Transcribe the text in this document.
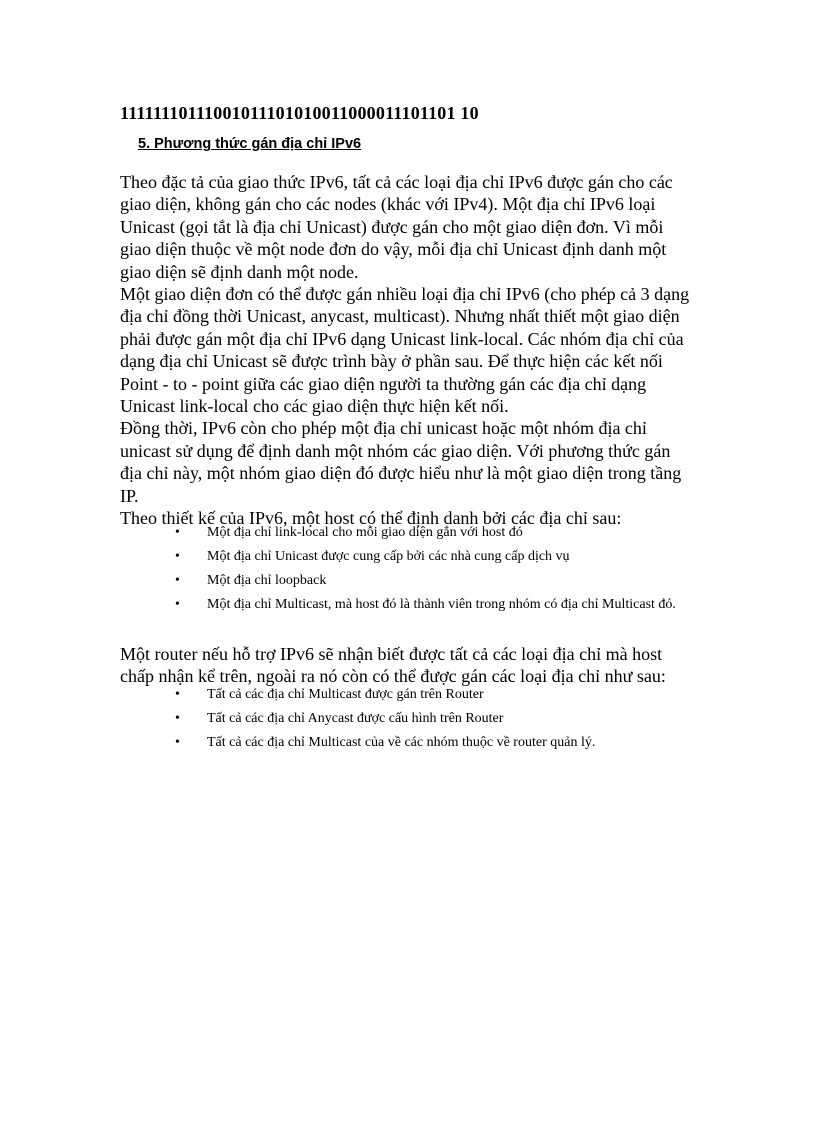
11111110111001011101010011000011101101 10
5. Phương thức gán địa chỉ IPv6

Theo đặc tả của giao thức IPv6, tất cả các loại địa chỉ IPv6 được gán cho các giao diện, không gán cho các nodes (khác với IPv4). Một địa chỉ IPv6 loại Unicast (gọi tắt là địa chỉ Unicast) được gán cho một giao diện đơn. Vì mỗi giao diện thuộc về một node đơn do vậy, mỗi địa chỉ Unicast định danh một giao diện sẽ định danh một node.

Một giao diện đơn có thể được gán nhiều loại địa chỉ IPv6 (cho phép cả 3 dạng địa chỉ đồng thời Unicast, anycast, multicast). Nhưng nhất thiết một giao diện phải được gán một địa chỉ IPv6 dạng Unicast link-local. Các nhóm địa chỉ của dạng địa chỉ Unicast sẽ được trình bày ở phần sau. Để thực hiện các kết nối Point - to - point giữa các giao diện người ta thường gán các địa chỉ dạng Unicast link-local cho các giao diện thực hiện kết nối.

Đồng thời, IPv6 còn cho phép một địa chỉ unicast hoặc một nhóm địa chỉ unicast sử dụng để định danh một nhóm các giao diện. Với phương thức gán địa chỉ này, một nhóm giao diện đó được hiểu như là một giao diện trong tầng IP.

Theo thiết kế của IPv6, một host có thể định danh bởi các địa chỉ sau:

• Một địa chỉ link-local cho mỗi giao diện gắn với host đó
• Một địa chỉ Unicast được cung cấp bởi các nhà cung cấp dịch vụ
• Một địa chỉ loopback
• Một địa chỉ Multicast, mà host đó là thành viên trong nhóm có địa chỉ Multicast đó.

Một router nếu hỗ trợ IPv6 sẽ nhận biết được tất cả các loại địa chỉ mà host chấp nhận kể trên, ngoài ra nó còn có thể được gán các loại địa chỉ như sau:

• Tất cả các địa chỉ Multicast được gán trên Router
• Tất cả các địa chỉ Anycast được cấu hình trên Router
• Tất cả các địa chỉ Multicast của về các nhóm thuộc về router quản lý.
